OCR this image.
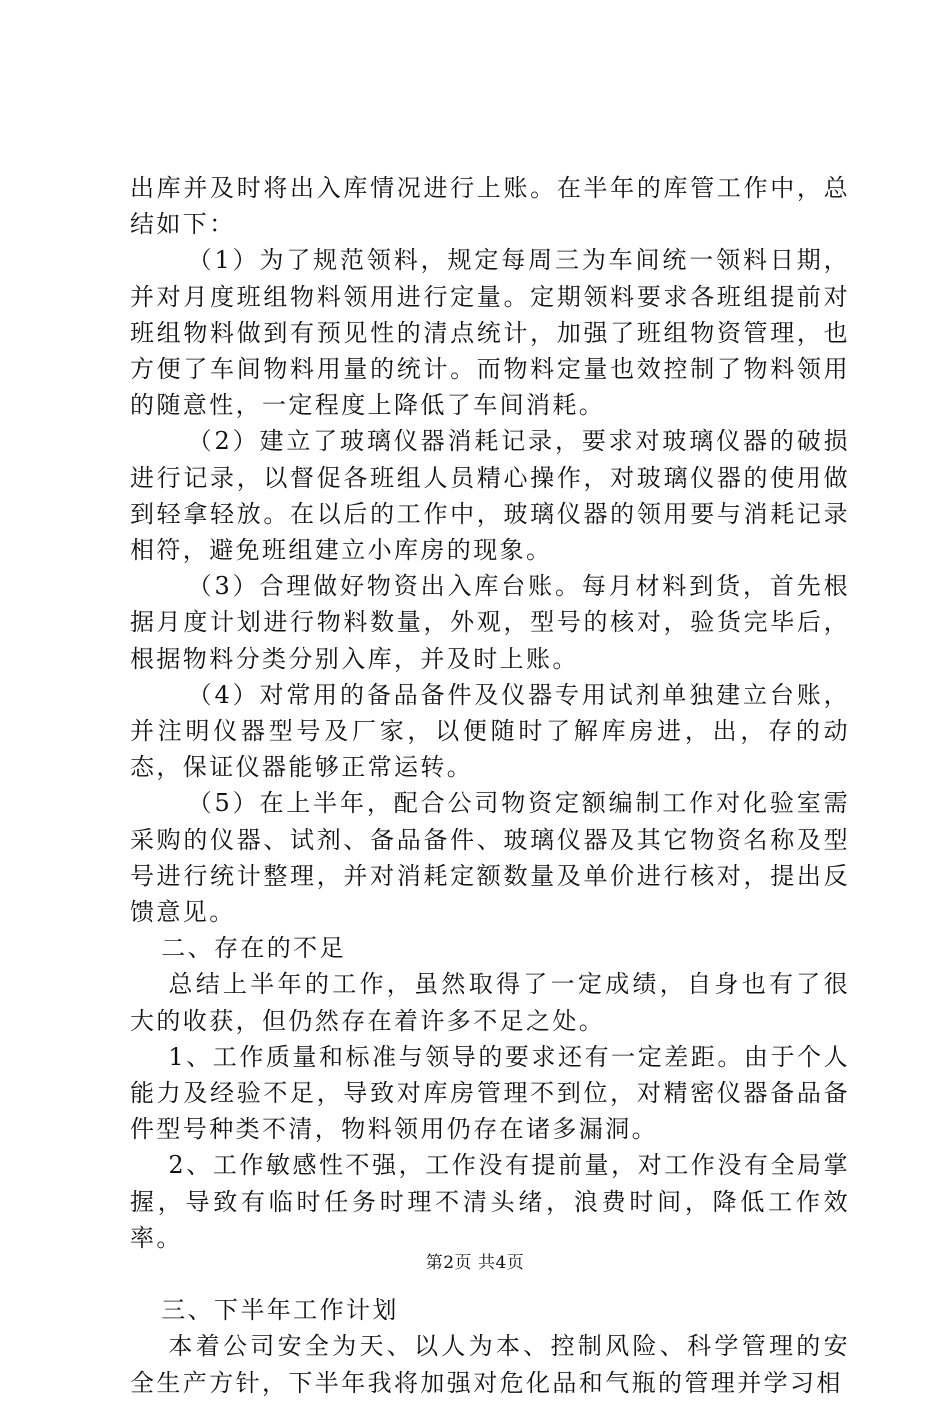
出库并及时将出入库情况进行上账。在半年的库管工作中，总结如下：

（1）为了规范领料，规定每周三为车间统一领料日期，并对月度班组物料领用进行定量。定期领料要求各班组提前对班组物料做到有预见性的清点统计，加强了班组物资管理，也方便了车间物料用量的统计。而物料定量也效控制了物料领用的随意性，一定程度上降低了车间消耗。

（2）建立了玻璃仪器消耗记录，要求对玻璃仪器的破损进行记录，以督促各班组人员精心操作，对玻璃仪器的使用做到轻拿轻放。在以后的工作中，玻璃仪器的领用要与消耗记录相符，避免班组建立小库房的现象。

（3）合理做好物资出入库台账。每月材料到货，首先根据月度计划进行物料数量，外观，型号的核对，验货完毕后，根据物料分类分别入库，并及时上账。

（4）对常用的备品备件及仪器专用试剂单独建立台账，并注明仪器型号及厂家，以便随时了解库房进，出，存的动态，保证仪器能够正常运转。

（5）在上半年，配合公司物资定额编制工作对化验室需采购的仪器、试剂、备品备件、玻璃仪器及其它物资名称及型号进行统计整理，并对消耗定额数量及单价进行核对，提出反馈意见。

二、存在的不足

总结上半年的工作，虽然取得了一定成绩，自身也有了很大的收获，但仍然存在着许多不足之处。

1、工作质量和标准与领导的要求还有一定差距。由于个人能力及经验不足，导致对库房管理不到位，对精密仪器备品备件型号种类不清，物料领用仍存在诸多漏洞。

2、工作敏感性不强，工作没有提前量，对工作没有全局掌握，导致有临时任务时理不清头绪，浪费时间，降低工作效率。

三、下半年工作计划

本着公司安全为天、以人为本、控制风险、科学管理的安全生产方针，下半年我将加强对危化品和气瓶的管理并学习相

第2页 共4页
